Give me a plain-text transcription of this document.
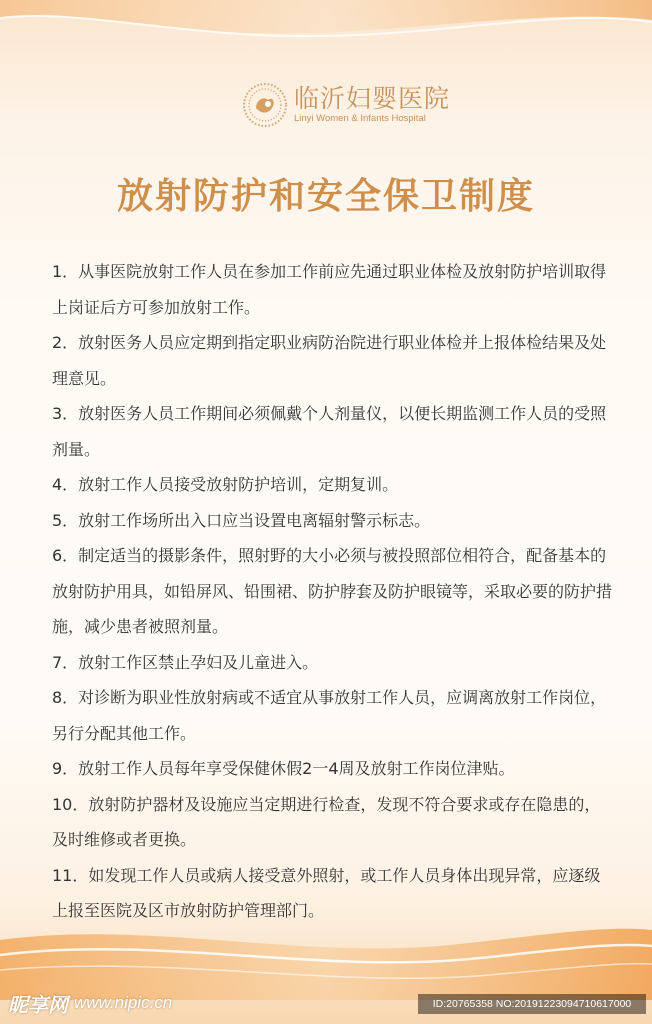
临沂妇婴医院
Linyi Women & Infants Hospital
放射防护和安全保卫制度
1．从事医院放射工作人员在参加工作前应先通过职业体检及放射防护培训取得上岗证后方可参加放射工作。
2．放射医务人员应定期到指定职业病防治院进行职业体检并上报体检结果及处理意见。
3．放射医务人员工作期间必须佩戴个人剂量仪，以便长期监测工作人员的受照剂量。
4．放射工作人员接受放射防护培训，定期复训。
5．放射工作场所出入口应当设置电离辐射警示标志。
6．制定适当的摄影条件，照射野的大小必须与被投照部位相符合，配备基本的放射防护用具，如铅屏风、铅围裙、防护脖套及防护眼镜等，采取必要的防护措施，减少患者被照剂量。
7．放射工作区禁止孕妇及儿童进入。
8．对诊断为职业性放射病或不适宜从事放射工作人员，应调离放射工作岗位，另行分配其他工作。
9．放射工作人员每年享受保健休假2一4周及放射工作岗位津贴。
10．放射防护器材及设施应当定期进行检查，发现不符合要求或存在隐患的，及时维修或者更换。
11．如发现工作人员或病人接受意外照射，或工作人员身体出现异常，应逐级上报至医院及区市放射防护管理部门。
昵享网 www.nipic.cn	ID:20765358 NO:20191223094710617000
